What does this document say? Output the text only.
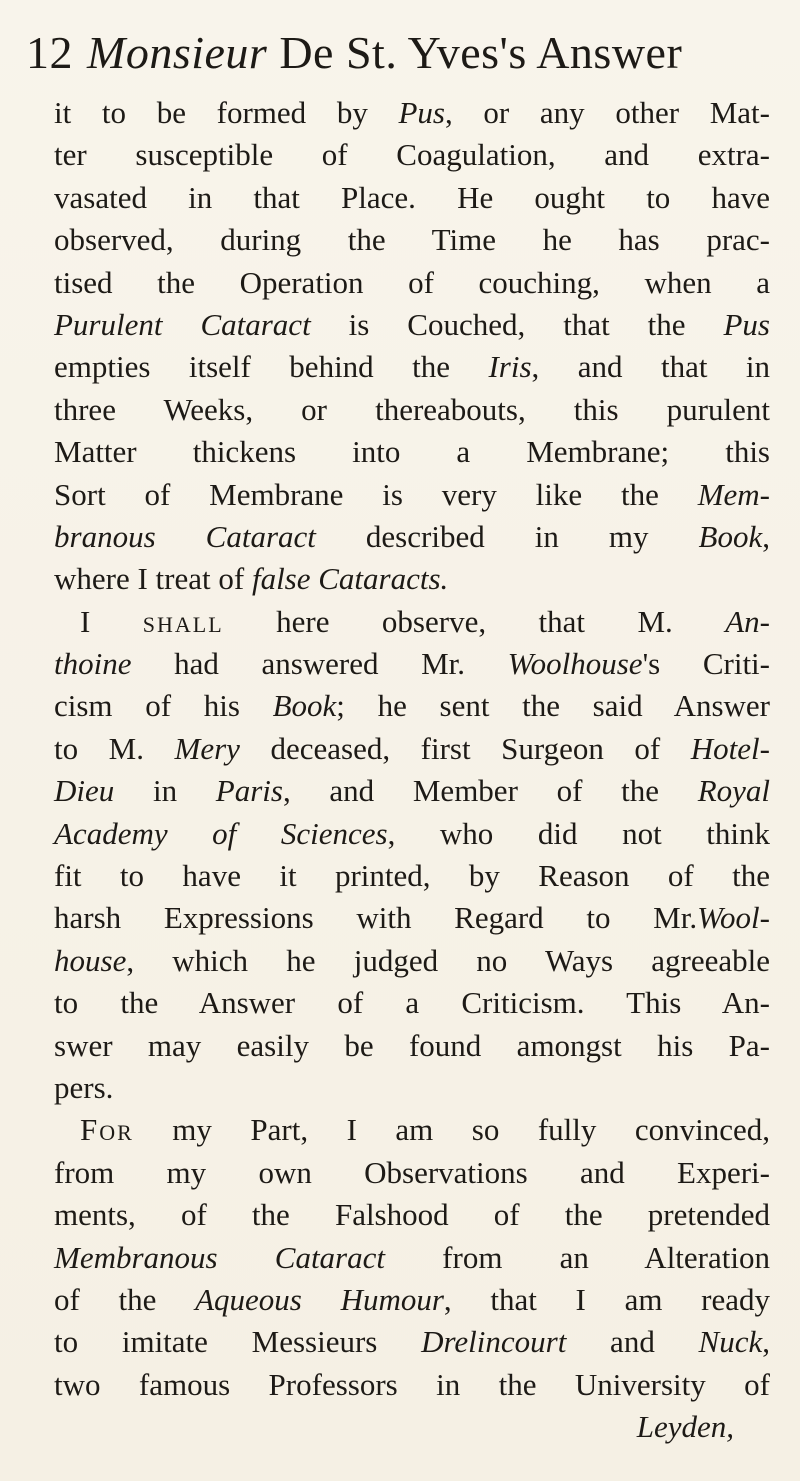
12 Monsieur De St. Yves's Answer
it to be formed by Pus, or any other Mat-
ter susceptible of Coagulation, and extra-
vasated in that Place. He ought to have
observed, during the Time he has prac-
tised the Operation of couching, when a
Purulent Cataract is Couched, that the Pus
empties itself behind the Iris, and that in
three Weeks, or thereabouts, this purulent
Matter thickens into a Membrane; this
Sort of Membrane is very like the Mem-
branous Cataract described in my Book,
where I treat of false Cataracts.
I shall here observe, that M. An-
thoine had answered Mr. Woolhouse's Criti-
cism of his Book; he sent the said Answer
to M. Mery deceased, first Surgeon of Hotel-
Dieu in Paris, and Member of the Royal
Academy of Sciences, who did not think
fit to have it printed, by Reason of the
harsh Expressions with Regard to Mr.Wool-
house, which he judged no Ways agreeable
to the Answer of a Criticism. This An-
swer may easily be found amongst his Pa-
pers.
For my Part, I am so fully convinced,
from my own Observations and Experi-
ments, of the Falshood of the pretended
Membranous Cataract from an Alteration
of the Aqueous Humour, that I am ready
to imitate Messieurs Drelincourt and Nuck,
two famous Professors in the University of
Leyden,
